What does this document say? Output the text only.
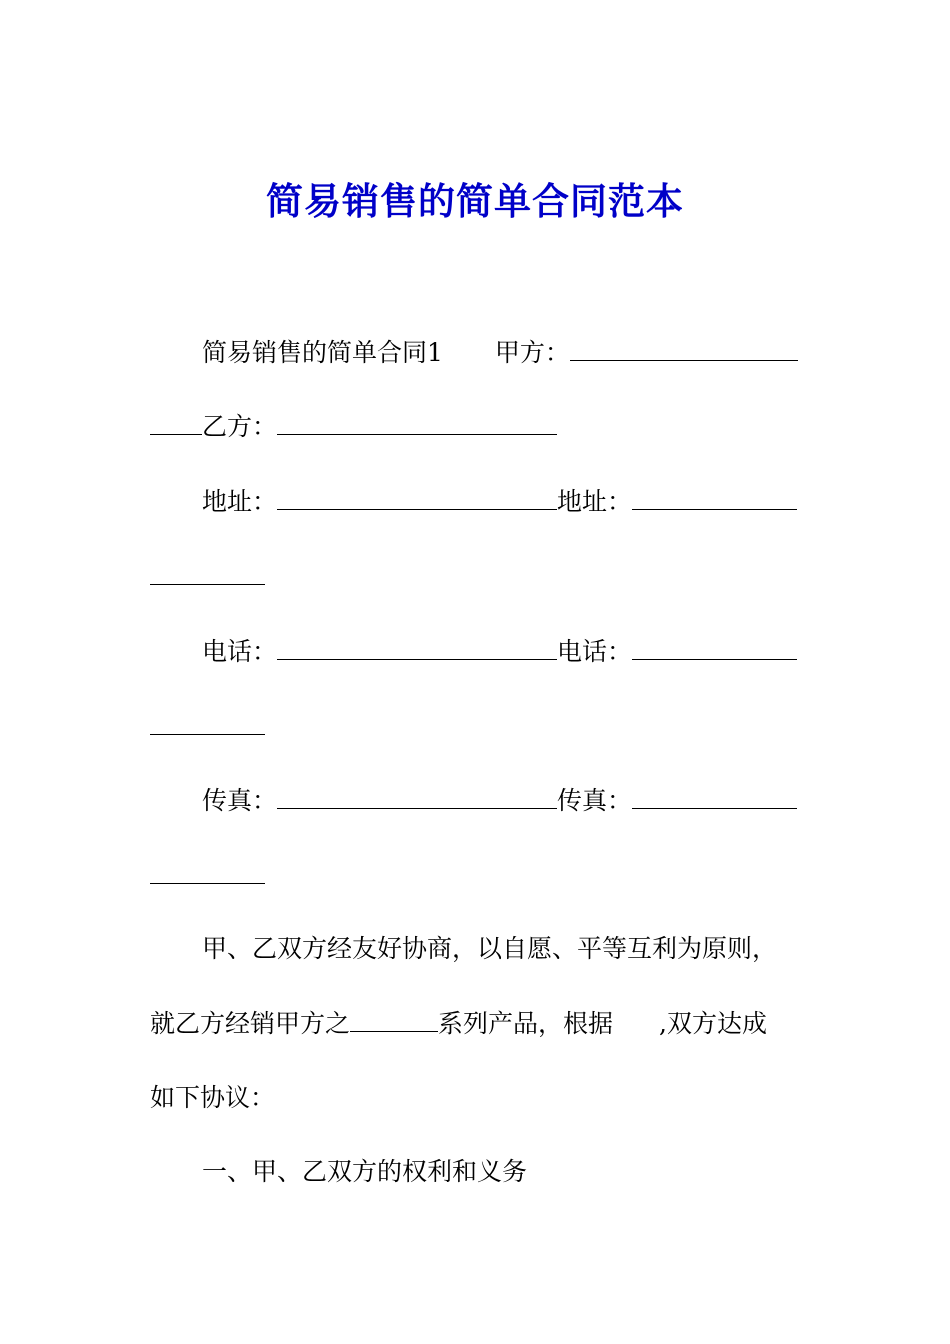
简易销售的简单合同范本
简易销售的简单合同1 甲方：
乙方：
地址：	地址：
电话：	电话：
传真：	传真：
甲、乙双方经友好协商，以自愿、平等互利为原则，
就乙方经销甲方之	系列产品，根据 ,双方达成
如下协议：
一、甲、乙双方的权利和义务
